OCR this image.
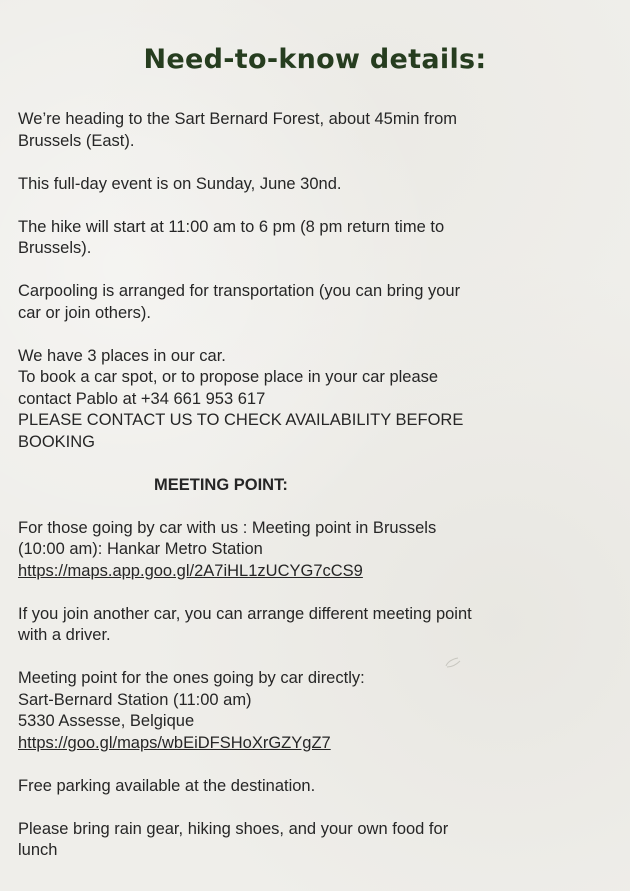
Need-to-know details:
We’re heading to the Sart Bernard Forest, about 45min from
Brussels (East).
This full-day event is on Sunday, June 30nd.
The hike will start at 11:00 am to 6 pm (8 pm return time to
Brussels).
Carpooling is arranged for transportation (you can bring your
car or join others).
We have 3 places in our car.
To book a car spot, or to propose place in your car please
contact Pablo at +34 661 953 617
PLEASE CONTACT US TO CHECK AVAILABILITY BEFORE
BOOKING
MEETING POINT:
For those going by car with us : Meeting point in Brussels
(10:00 am): Hankar Metro Station
https://maps.app.goo.gl/2A7iHL1zUCYG7cCS9
If you join another car, you can arrange different meeting point
with a driver.
Meeting point for the ones going by car directly:
Sart-Bernard Station (11:00 am)
5330 Assesse, Belgique
https://goo.gl/maps/wbEiDFSHoXrGZYgZ7
Free parking available at the destination.
Please bring rain gear, hiking shoes, and your own food for
lunch
